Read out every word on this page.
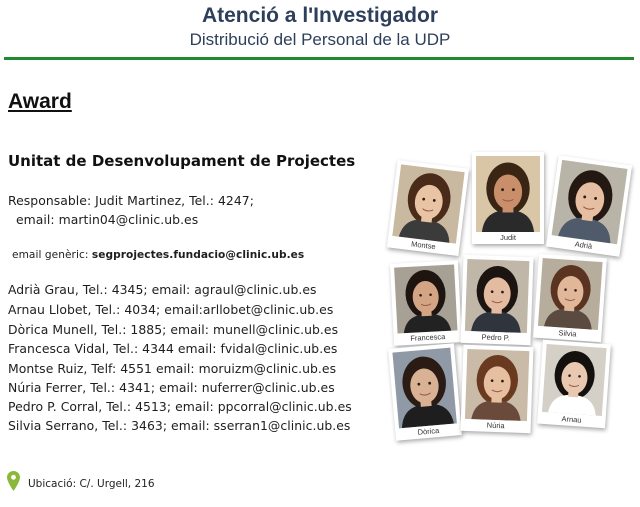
Atenció a l'Investigador
Distribució del Personal de la UDP
Award
Unitat de Desenvolupament de Projectes
Responsable: Judit Martinez, Tel.: 4247;
email: martin04@clinic.ub.es
email genèric: segprojectes.fundacio@clinic.ub.es
Adrià Grau, Tel.: 4345; email: agraul@clinic.ub.es
Arnau Llobet, Tel.: 4034; email:arllobet@clinic.ub.es
Dòrica Munell, Tel.: 1885; email: munell@clinic.ub.es
Francesca Vidal, Tel.: 4344 email: fvidal@clinic.ub.es
Montse Ruiz, Telf: 4551 email: moruizm@clinic.ub.es
Núria Ferrer, Tel.: 4341; email: nuferrer@clinic.ub.es
Pedro P. Corral, Tel.: 4513; email: ppcorral@clinic.ub.es
Silvia Serrano, Tel.: 3463; email: sserran1@clinic.ub.es
Ubicació: C/. Urgell, 216
Montse
Judit
Adrià
Francesca	Pedro P.	Silvia
Dòrica
Núria
Arnau
